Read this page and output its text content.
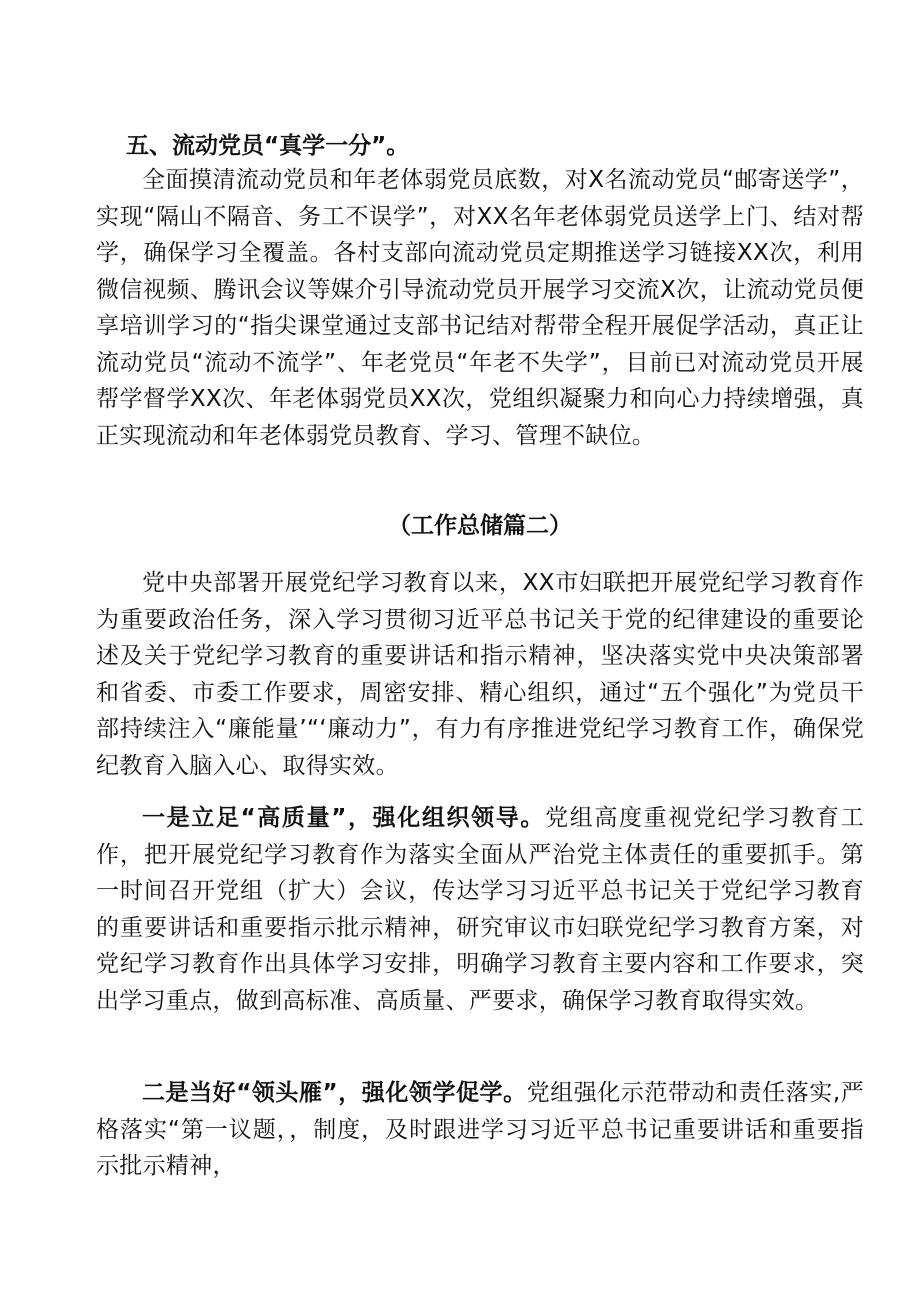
五、流动党员“真学一分”。

全面摸清流动党员和年老体弱党员底数，对X名流动党员“邮寄送学”，实现“隔山不隔音、务工不误学”，对XX名年老体弱党员送学上门、结对帮学，确保学习全覆盖。各村支部向流动党员定期推送学习链接XX次，利用微信视频、腾讯会议等媒介引导流动党员开展学习交流X次，让流动党员便享培训学习的“指尖课堂通过支部书记结对帮带全程开展促学活动，真正让流动党员“流动不流学”、年老党员“年老不失学”，目前已对流动党员开展帮学督学XX次、年老体弱党员XX次，党组织凝聚力和向心力持续增强，真正实现流动和年老体弱党员教育、学习、管理不缺位。

（工作总储篇二）

党中央部署开展党纪学习教育以来，XX市妇联把开展党纪学习教育作为重要政治任务，深入学习贯彻习近平总书记关于党的纪律建设的重要论述及关于党纪学习教育的重要讲话和指示精神，坚决落实党中央决策部署和省委、市委工作要求，周密安排、精心组织，通过“五个强化”为党员干部持续注入“廉能量’“‘廉动力”，有力有序推进党纪学习教育工作，确保党纪教育入脑入心、取得实效。

一是立足“高质量”，强化组织领导。党组高度重视党纪学习教育工作，把开展党纪学习教育作为落实全面从严治党主体责任的重要抓手。第一时间召开党组（扩大）会议，传达学习习近平总书记关于党纪学习教育的重要讲话和重要指示批示精神，研究审议市妇联党纪学习教育方案，对党纪学习教育作出具体学习安排，明确学习教育主要内容和工作要求，突出学习重点，做到高标准、高质量、严要求，确保学习教育取得实效。

二是当好“领头雁”，强化领学促学。党组强化示范带动和责任落实,严格落实“第一议题，，制度，及时跟进学习习近平总书记重要讲话和重要指示批示精神，
